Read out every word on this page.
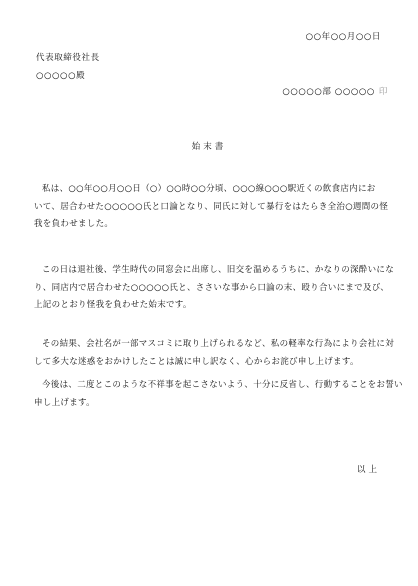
○○年○○月○○日
代表取締役社長
○○○○○殿
○○○○○部 ○○○○○ 印
始末書
私は、○○年○○月○○日（○）○○時○○分頃、○○○線○○○駅近くの飲食店内にお
いて、居合わせた○○○○○氏と口論となり、同氏に対して暴行をはたらき全治○週間の怪
我を負わせました。
この日は退社後、学生時代の同窓会に出席し、旧交を温めるうちに、かなりの深酔いにな
り、同店内で居合わせた○○○○○氏と、ささいな事から口論の末、殴り合いにまで及び、
上記のとおり怪我を負わせた始末です。
その結果、会社名が一部マスコミに取り上げられるなど、私の軽率な行為により会社に対
して多大な迷惑をおかけしたことは誠に申し訳なく、心からお詫び申し上げます。
今後は、二度とこのような不祥事を起こさないよう、十分に反省し、行動することをお誓い
申し上げます。
以上
